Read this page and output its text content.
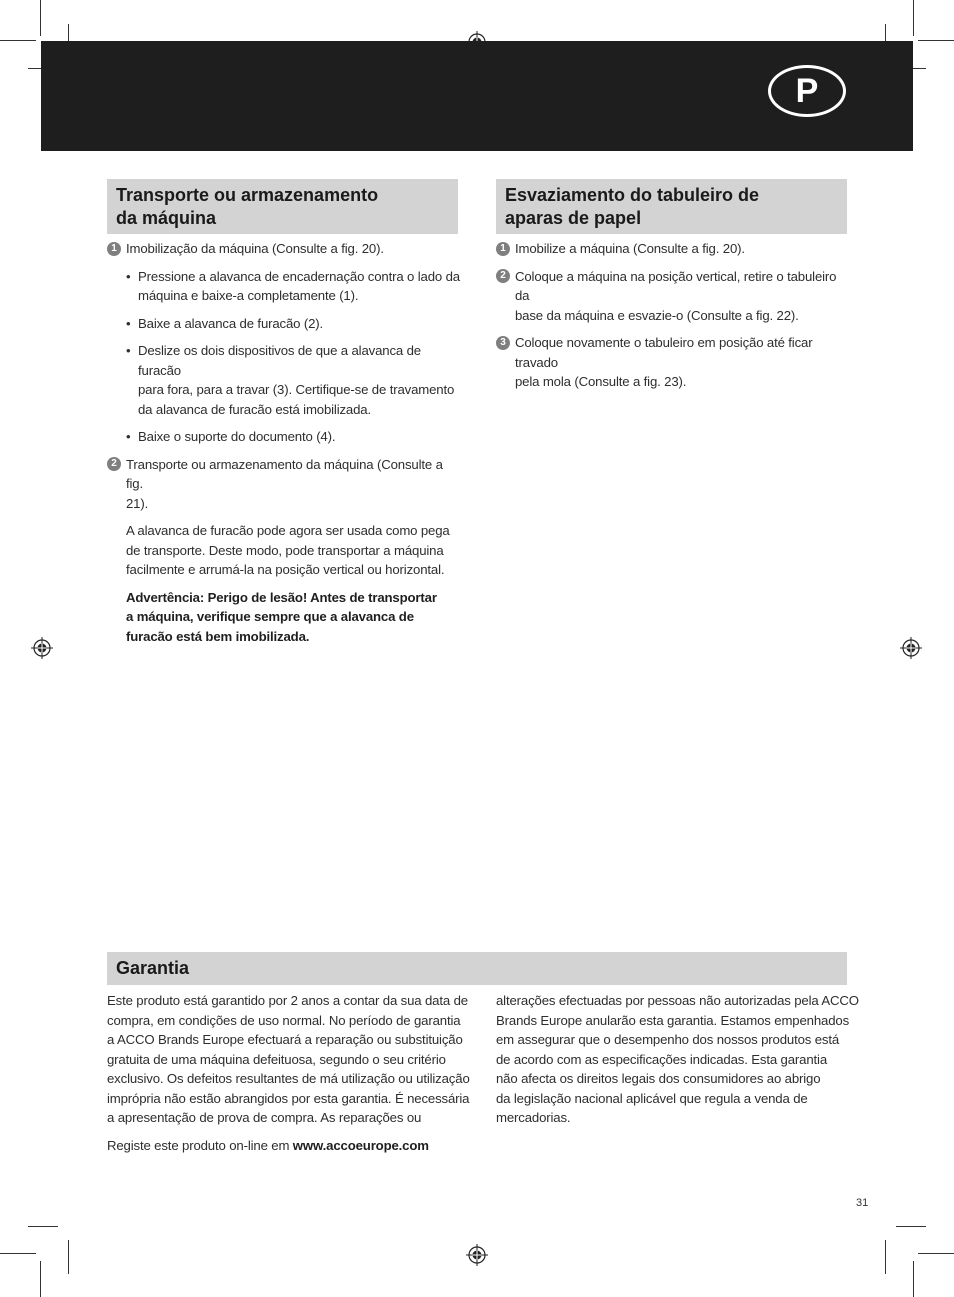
P
Transporte ou armazenamento
da máquina
1 Imobilização da máquina (Consulte a fig. 20).
• Pressione a alavanca de encadernação contra o lado da
máquina e baixe-a completamente (1).
• Baixe a alavanca de furacão (2).
• Deslize os dois dispositivos de que a alavanca de furacão
para fora, para a travar (3). Certifique-se de travamento
da alavanca de furacão está imobilizada.
• Baixe o suporte do documento (4).
2 Transporte ou armazenamento da máquina (Consulte a fig.
21).
A alavanca de furacão pode agora ser usada como pega
de transporte. Deste modo, pode transportar a máquina
facilmente e arrumá-la na posição vertical ou horizontal.
Advertência: Perigo de lesão! Antes de transportar
a máquina, verifique sempre que a alavanca de
furacão está bem imobilizada.
Esvaziamento do tabuleiro de
aparas de papel
1 Imobilize a máquina (Consulte a fig. 20).
2 Coloque a máquina na posição vertical, retire o tabuleiro da
base da máquina e esvazie-o (Consulte a fig. 22).
3 Coloque novamente o tabuleiro em posição até ficar travado
pela mola (Consulte a fig. 23).
Garantia

Este produto está garantido por 2 anos a contar da sua data de
compra, em condições de uso normal. No período de garantia
a ACCO Brands Europe efectuará a reparação ou substituição
gratuita de uma máquina defeituosa, segundo o seu critério
exclusivo. Os defeitos resultantes de má utilização ou utilização
imprópria não estão abrangidos por esta garantia. É necessária
a apresentação de prova de compra. As reparações ou

Registe este produto on-line em www.accoeurope.com

alterações efectuadas por pessoas não autorizadas pela ACCO
Brands Europe anularão esta garantia. Estamos empenhados
em assegurar que o desempenho dos nossos produtos está
de acordo com as especificações indicadas. Esta garantia
não afecta os direitos legais dos consumidores ao abrigo
da legislação nacional aplicável que regula a venda de
mercadorias.

31
